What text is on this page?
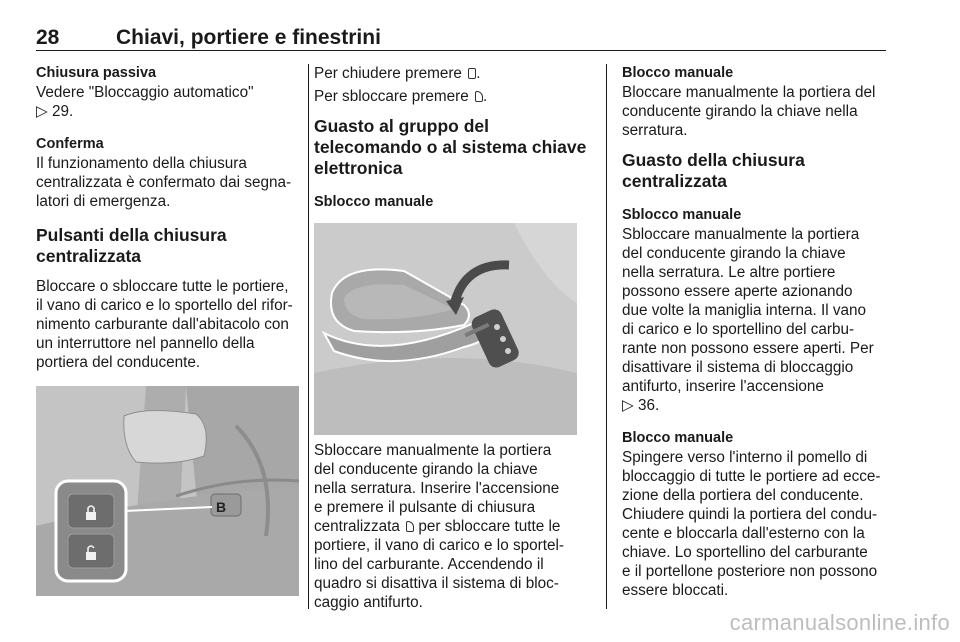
28	Chiavi, portiere e finestrini

Chiusura passiva

Vedere "Bloccaggio automatico"

▷ 29.

Conferma

Il funzionamento della chiusura

centralizzata è confermato dai segna-

latori di emergenza.

Pulsanti della chiusura

centralizzata

Bloccare o sbloccare tutte le portiere,

il vano di carico e lo sportello del rifor-

nimento carburante dall'abitacolo con

un interruttore nel pannello della

portiera del conducente.

B

Per chiudere premere .

Per sbloccare premere .

Guasto al gruppo del

telecomando o al sistema chiave

elettronica

Sblocco manuale

Sbloccare manualmente la portiera

del conducente girando la chiave

nella serratura. Inserire l'accensione

e premere il pulsante di chiusura

centralizzata  per sbloccare tutte le

portiere, il vano di carico e lo sportel-

lino del carburante. Accendendo il

quadro si disattiva il sistema di bloc-

caggio antifurto.

Blocco manuale

Bloccare manualmente la portiera del

conducente girando la chiave nella

serratura.

Guasto della chiusura

centralizzata

Sblocco manuale

Sbloccare manualmente la portiera

del conducente girando la chiave

nella serratura. Le altre portiere

possono essere aperte azionando

due volte la maniglia interna. Il vano

di carico e lo sportellino del carbu-

rante non possono essere aperti. Per

disattivare il sistema di bloccaggio

antifurto, inserire l'accensione

▷ 36.

Blocco manuale

Spingere verso l'interno il pomello di

bloccaggio di tutte le portiere ad ecce-

zione della portiera del conducente.

Chiudere quindi la portiera del condu-

cente e bloccarla dall'esterno con la

chiave. Lo sportellino del carburante

e il portellone posteriore non possono

essere bloccati.

carmanualsonline.info
